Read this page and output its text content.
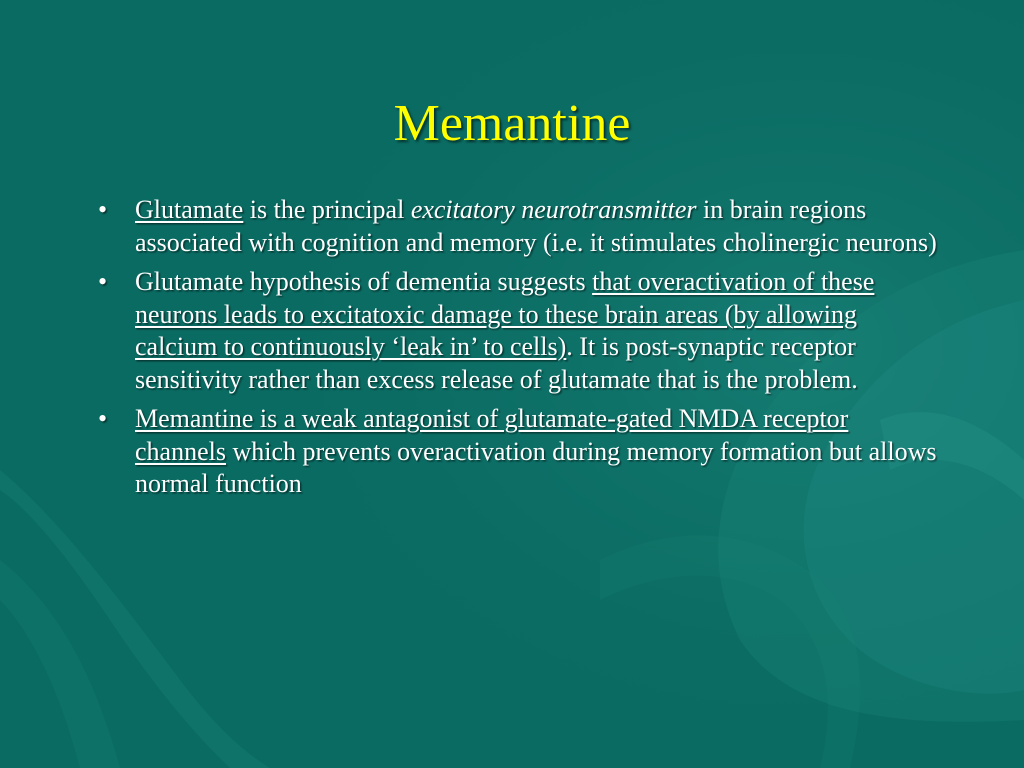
Memantine
• Glutamate is the principal excitatory neurotransmitter in brain regions associated with cognition and memory (i.e. it stimulates cholinergic neurons)
• Glutamate hypothesis of dementia suggests that overactivation of these neurons leads to excitatoxic damage to these brain areas (by allowing calcium to continuously ‘leak in’ to cells). It is post-synaptic receptor sensitivity rather than excess release of glutamate that is the problem.
• Memantine is a weak antagonist of glutamate-gated NMDA receptor channels which prevents overactivation during memory formation but allows normal function
